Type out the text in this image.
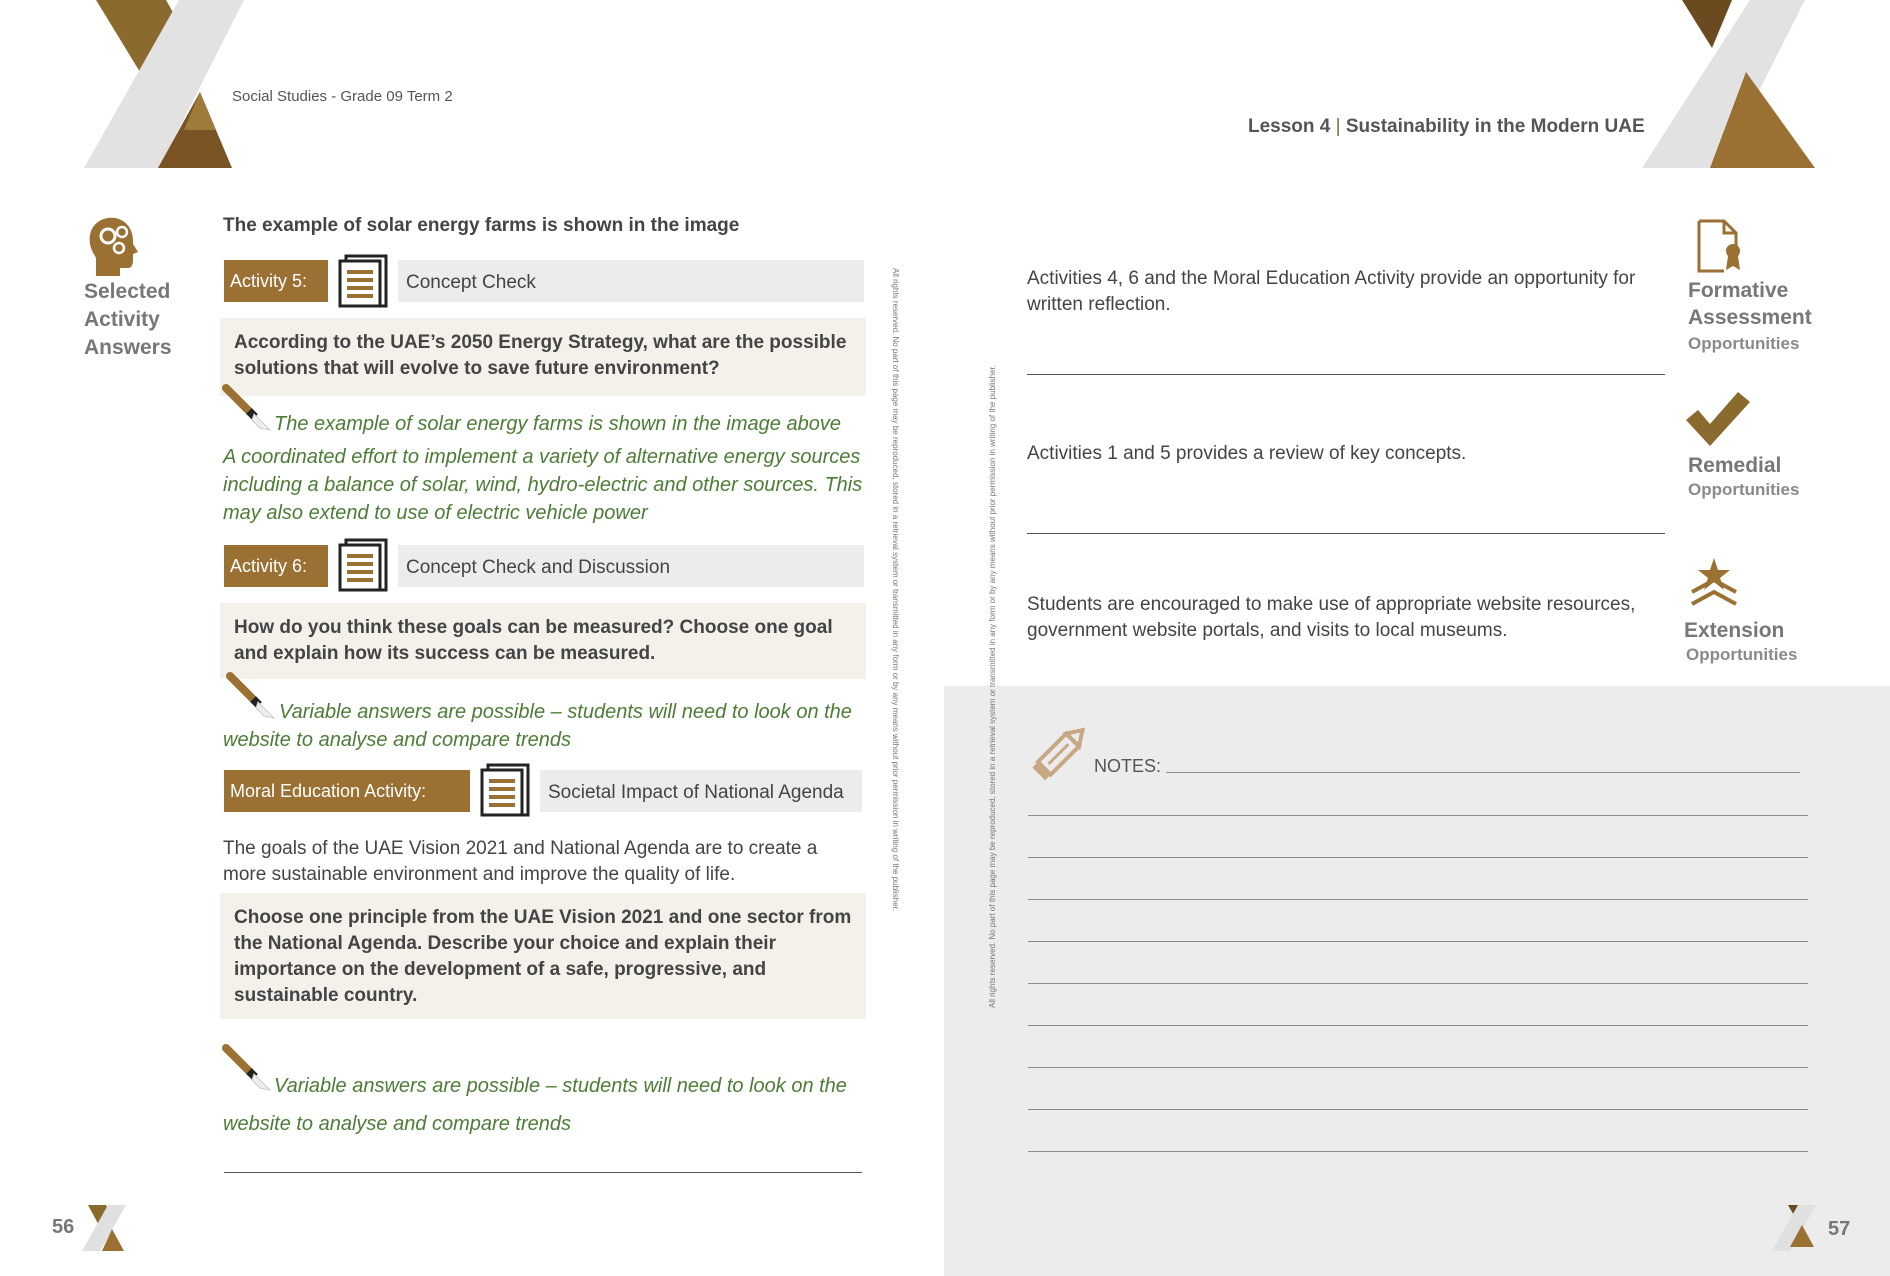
Social Studies - Grade 09 Term 2
Lesson 4 | Sustainability in the Modern UAE
Selected
Activity
Answers
The example of solar energy farms is shown in the image
Activity 5:	Concept Check
According to the UAE’s 2050 Energy Strategy, what are the possible solutions that will evolve to save future environment?
The example of solar energy farms is shown in the image above
A coordinated effort to implement a variety of alternative energy sources including a balance of solar, wind, hydro-electric and other sources. This may also extend to use of electric vehicle power
Activity 6:	Concept Check and Discussion
How do you think these goals can be measured? Choose one goal and explain how its success can be measured.
Variable answers are possible – students will need to look on the
website to analyse and compare trends
Moral Education Activity:	Societal Impact of National Agenda
The goals of the UAE Vision 2021 and National Agenda are to create a more sustainable environment and improve the quality of life.
Choose one principle from the UAE Vision 2021 and one sector from the National Agenda. Describe your choice and explain their importance on the development of a safe, progressive, and sustainable country.
Variable answers are possible – students will need to look on the
website to analyse and compare trends
All rights reserved. No part of this page may be reproduced, stored in a retrieval system or transmitted in any form or by any means without prior permission in writing of the publisher.
56
All rights reserved. No part of this page may be reproduced, stored in a retrieval system or transmitted in any form or by any means without prior permission in writing of the publisher.
Activities 4, 6 and the Moral Education Activity provide an opportunity for written reflection.
Formative
Assessment
Opportunities
Activities 1 and 5 provides a review of key concepts.
Remedial
Opportunities
Students are encouraged to make use of appropriate website resources, government website portals, and visits to local museums.	Extension
Opportunities
NOTES:
57
